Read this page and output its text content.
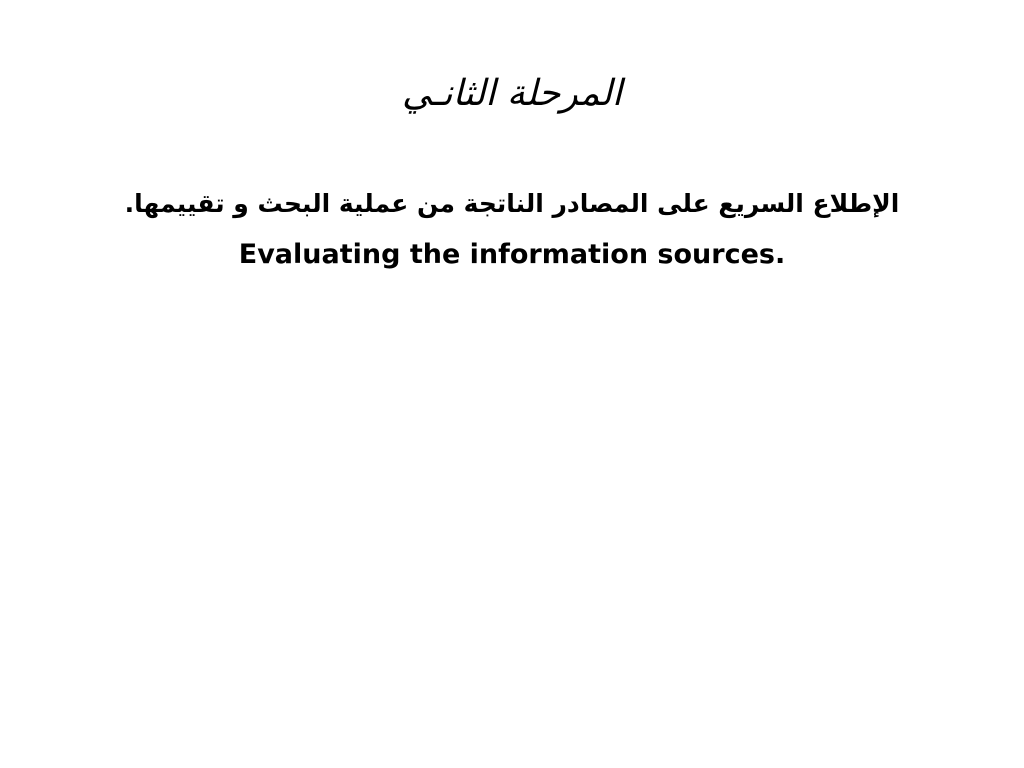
المرحلة الثانـي
الإطلاع السريع على المصادر الناتجة من عملية البحث و تقييمها.
Evaluating the information sources.
